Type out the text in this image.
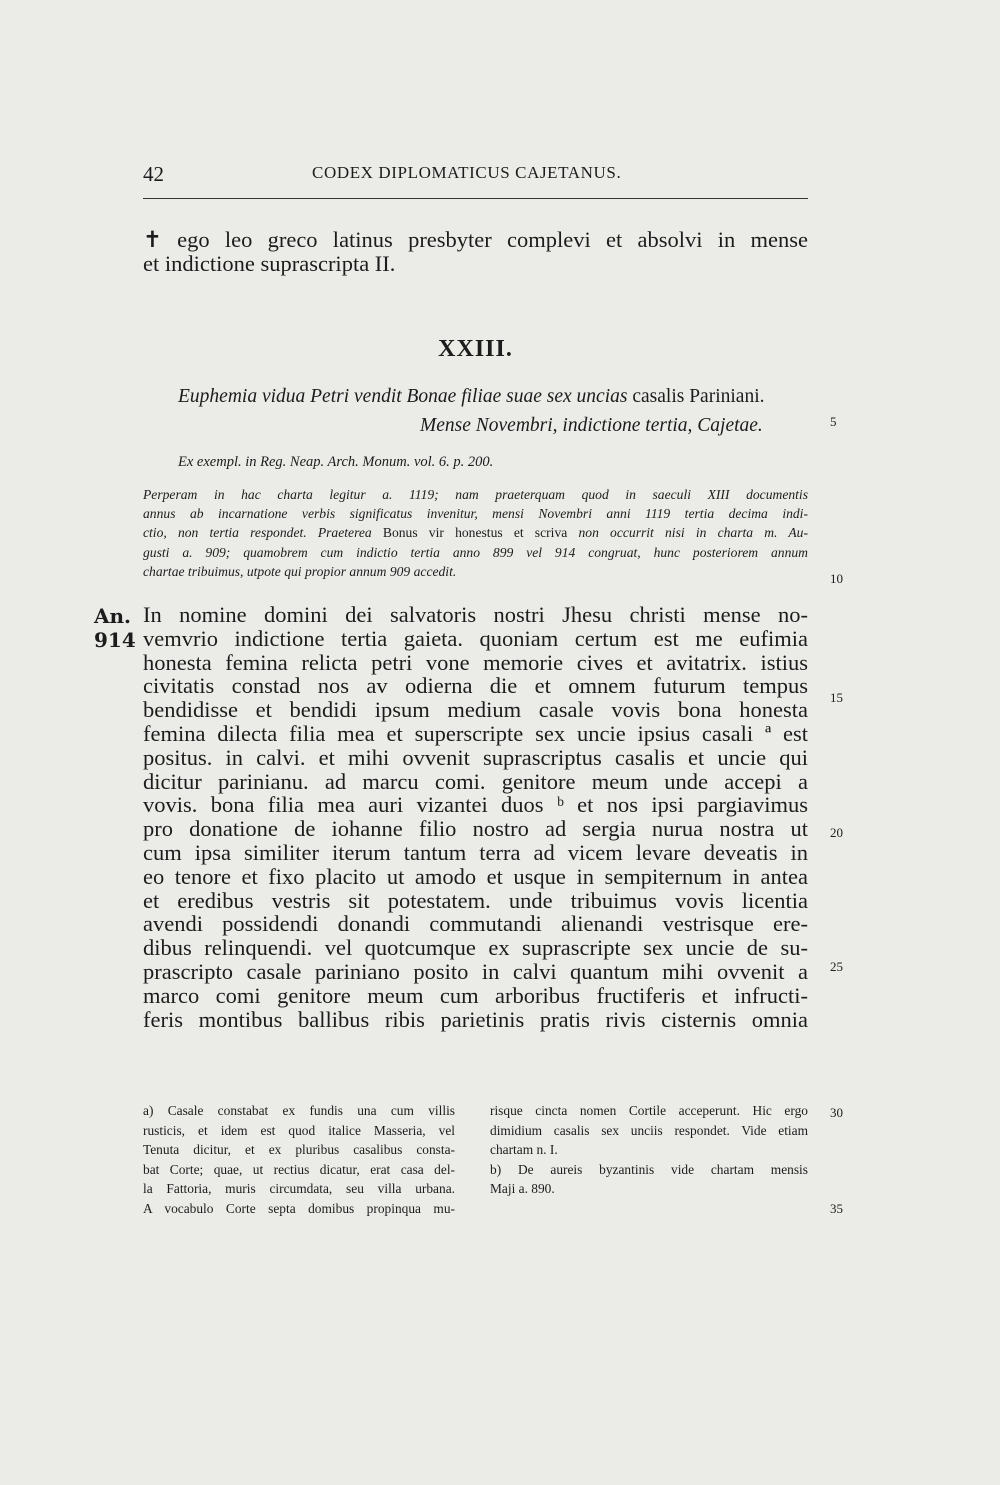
42	CODEX DIPLOMATICUS CAJETANUS.
✝ ego leo greco latinus presbyter complevi et absolvi in mense
et indictione suprascripta II.
XXIII.
Euphemia vidua Petri vendit Bonae filiae suae sex uncias casalis Pariniani.
Mense Novembri, indictione tertia, Cajetae.
Ex exempl. in Reg. Neap. Arch. Monum. vol. 6. p. 200.
Perperam in hac charta legitur a. 1119; nam praeterquam quod in saeculi XIII documentis
annus ab incarnatione verbis significatus invenitur, mensi Novembri anni 1119 tertia decima indi-
ctio, non tertia respondet. Praeterea Bonus vir honestus et scriva non occurrit nisi in charta m. Au-
gusti a. 909; quamobrem cum indictio tertia anno 899 vel 914 congruat, hunc posteriorem annum
chartae tribuimus, utpote qui propior annum 909 accedit.
An.
914
In nomine domini dei salvatoris nostri Jhesu christi mense no-
vemvrio indictione tertia gaieta. quoniam certum est me eufimia
honesta femina relicta petri vone memorie cives et avitatrix. istius
civitatis constad nos av odierna die et omnem futurum tempus
bendidisse et bendidi ipsum medium casale vovis bona honesta
femina dilecta filia mea et superscripte sex uncie ipsius casali ª est
positus. in calvi. et mihi ovvenit suprascriptus casalis et uncie qui
dicitur parinianu. ad marcu comi. genitore meum unde accepi a
vovis. bona filia mea auri vizantei duos ᵇ et nos ipsi pargiavimus
pro donatione de iohanne filio nostro ad sergia nurua nostra ut
cum ipsa similiter iterum tantum terra ad vicem levare deveatis in
eo tenore et fixo placito ut amodo et usque in sempiternum in antea
et eredibus vestris sit potestatem. unde tribuimus vovis licentia
avendi possidendi donandi commutandi alienandi vestrisque ere-
dibus relinquendi. vel quotcumque ex suprascripte sex uncie de su-
prascripto casale pariniano posito in calvi quantum mihi ovvenit a
marco comi genitore meum cum arboribus fructiferis et infructi-
feris montibus ballibus ribis parietinis pratis rivis cisternis omnia
5
10
15
20
25
30
35
a) Casale constabat ex fundis una cum villis
rusticis, et idem est quod italice Masseria, vel
Tenuta dicitur, et ex pluribus casalibus consta-
bat Corte; quae, ut rectius dicatur, erat casa del-
la Fattoria, muris circumdata, seu villa urbana.
A vocabulo Corte septa domibus propinqua mu-
risque cincta nomen Cortile acceperunt. Hic ergo
dimidium casalis sex unciis respondet. Vide etiam
chartam n. I.
b) De aureis byzantinis vide chartam mensis
Maji a. 890.
